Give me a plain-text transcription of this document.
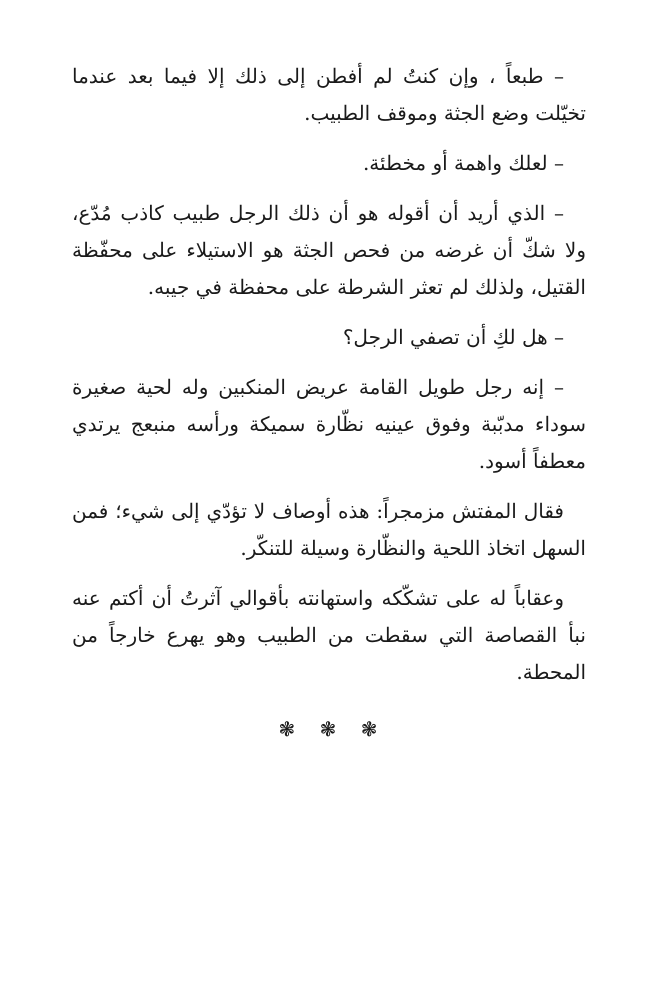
– طبعاً ، وإن كنتُ لم أفطن إلى ذلك إلا فيما بعد عندما تخيّلت وضع الجثة وموقف الطبيب.

– لعلك واهمة أو مخطئة.

– الذي أريد أن أقوله هو أن ذلك الرجل طبيب كاذب مُدّع، ولا شكّ أن غرضه من فحص الجثة هو الاستيلاء على محفّظة القتيل، ولذلك لم تعثر الشرطة على محفظة في جيبه.

– هل لكِ أن تصفي الرجل؟

– إنه رجل طويل القامة عريض المنكبين وله لحية صغيرة سوداء مدبّبة وفوق عينيه نظّارة سميكة ورأسه منبعج يرتدي معطفاً أسود.

فقال المفتش مزمجراً: هذه أوصاف لا تؤدّي إلى شيء؛ فمن السهل اتخاذ اللحية والنظّارة وسيلة للتنكّر.

وعقاباً له على تشكّكه واستهانته بأقوالي آثرتُ أن أكتم عنه نبأ القصاصة التي سقطت من الطبيب وهو يهرع خارجاً من المحطة.

❃ ❃ ❃
